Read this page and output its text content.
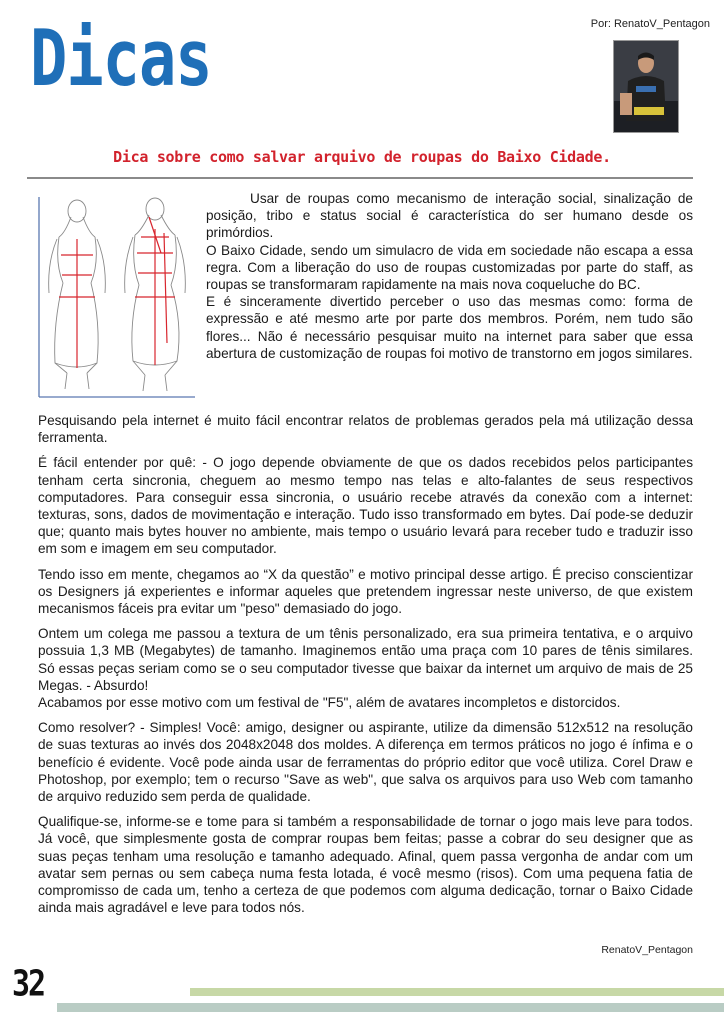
Por: RenatoV_Pentagon
Dicas
Dica sobre como salvar arquivo de roupas do Baixo Cidade.

Usar de roupas como mecanismo de interação social, sinalização de posição, tribo e status social é característica do ser humano desde os primórdios.

O Baixo Cidade, sendo um simulacro de vida em sociedade não escapa a essa regra. Com a liberação do uso de roupas customizadas por parte do staff, as roupas se transformaram rapidamente na mais nova coqueluche do BC.

E é sinceramente divertido perceber o uso das mesmas como: forma de expressão e até mesmo arte por parte dos membros. Porém, nem tudo são flores... Não é necessário pesquisar muito na internet para saber que essa abertura de customização de roupas foi motivo de transtorno em jogos similares.

Pesquisando pela internet é muito fácil encontrar relatos de problemas gerados pela má utilização dessa ferramenta.

É fácil entender por quê: - O jogo depende obviamente de que os dados recebidos pelos participantes tenham certa sincronia, cheguem ao mesmo tempo nas telas e alto-falantes de seus respectivos computadores. Para conseguir essa sincronia, o usuário recebe através da conexão com a internet: texturas, sons, dados de movimentação e interação. Tudo isso transformado em bytes. Daí pode-se deduzir que; quanto mais bytes houver no ambiente, mais tempo o usuário levará para receber tudo e traduzir isso em som e imagem em seu computador.

Tendo isso em mente, chegamos ao “X da questão” e motivo principal desse artigo. É preciso conscientizar os Designers já experientes e informar aqueles que pretendem ingressar neste universo, de que existem mecanismos fáceis pra evitar um "peso" demasiado do jogo.

Ontem um colega me passou a textura de um tênis personalizado, era sua primeira tentativa, e o arquivo possuia 1,3 MB (Megabytes) de tamanho. Imaginemos então uma praça com 10 pares de tênis similares. Só essas peças seriam como se o seu computador tivesse que baixar da internet um arquivo de mais de 25 Megas. - Absurdo!

Acabamos por esse motivo com um festival de "F5", além de avatares incompletos e distorcidos.

Como resolver? - Simples! Você: amigo, designer ou aspirante, utilize da dimensão 512x512 na resolução de suas texturas ao invés dos 2048x2048 dos moldes. A diferença em termos práticos no jogo é ínfima e o benefício é evidente. Você pode ainda usar de ferramentas do próprio editor que você utiliza. Corel Draw e Photoshop, por exemplo; tem o recurso "Save as web", que salva os arquivos para uso Web com tamanho de arquivo reduzido sem perda de qualidade.

Qualifique-se, informe-se e tome para si também a responsabilidade de tornar o jogo mais leve para todos. Já você, que simplesmente gosta de comprar roupas bem feitas; passe a cobrar do seu designer que as suas peças tenham uma resolução e tamanho adequado. Afinal, quem passa vergonha de andar com um avatar sem pernas ou sem cabeça numa festa lotada, é você mesmo (risos). Com uma pequena fatia de compromisso de cada um, tenho a certeza de que podemos com alguma dedicação, tornar o Baixo Cidade ainda mais agradável e leve para todos nós.

RenatoV_Pentagon
32
